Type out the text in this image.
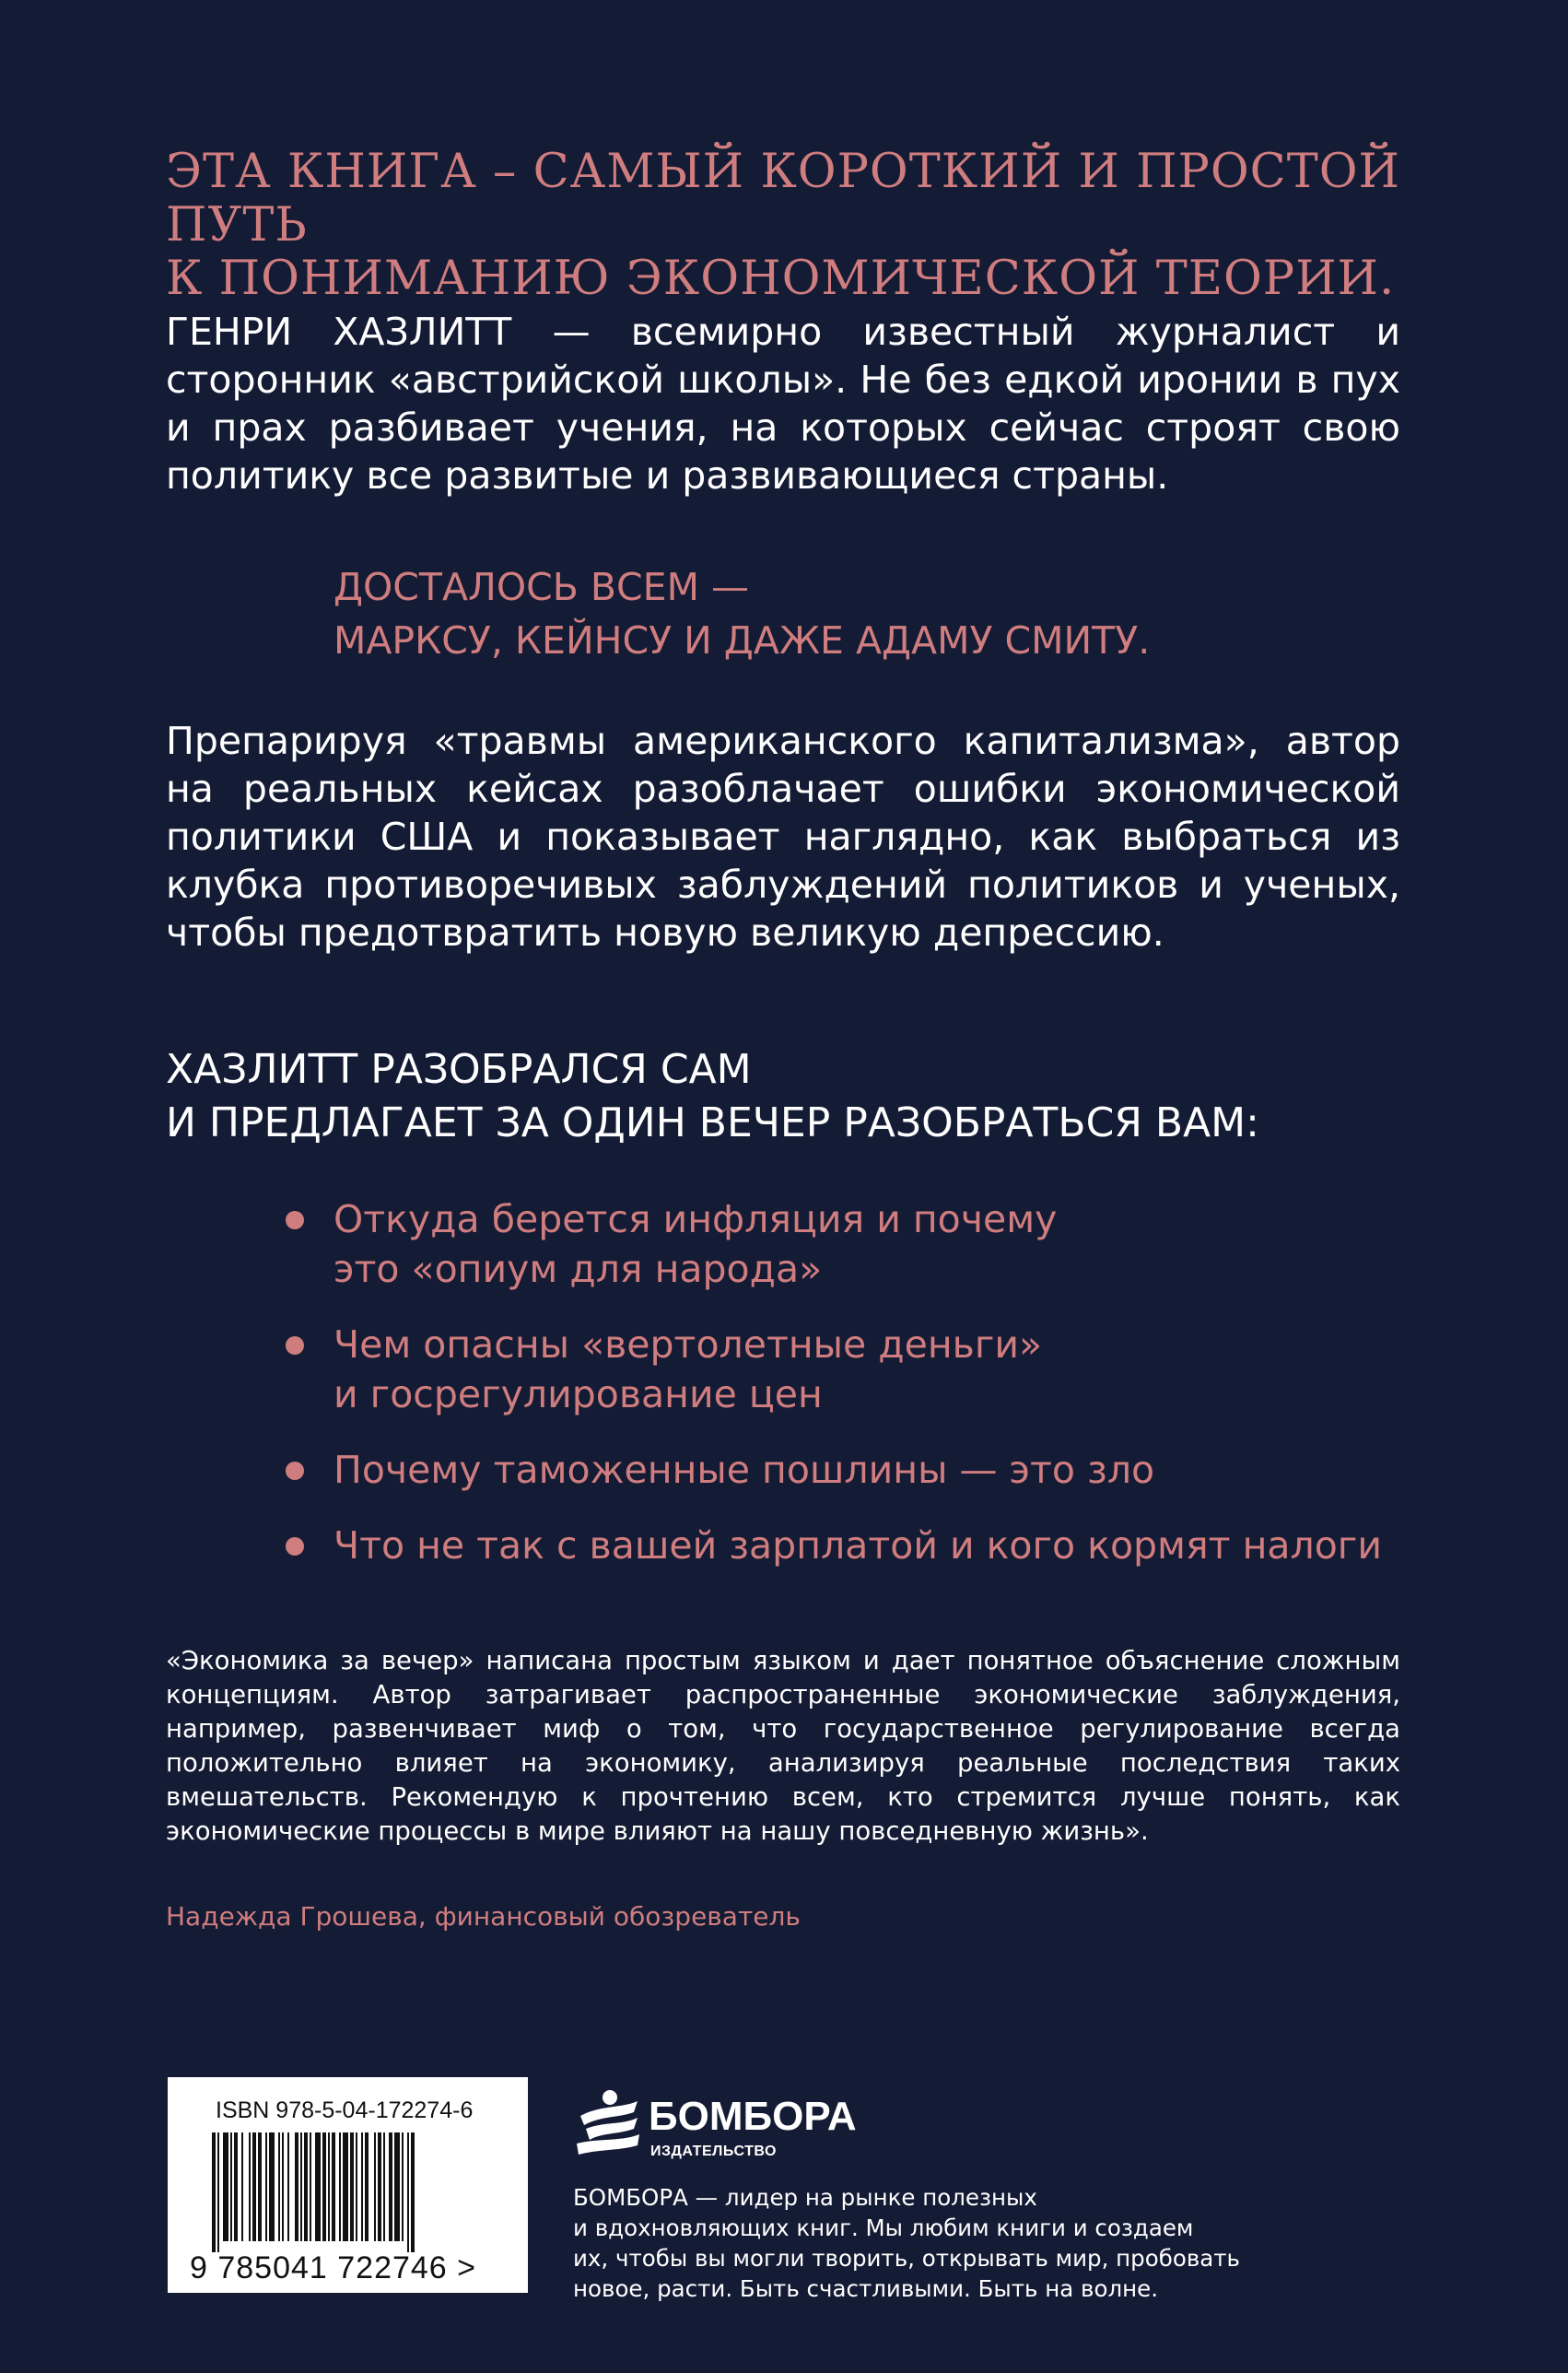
ЭТА КНИГА – САМЫЙ КОРОТКИЙ И ПРОСТОЙ ПУТЬ
К ПОНИМАНИЮ ЭКОНОМИЧЕСКОЙ ТЕОРИИ.
ГЕНРИ ХАЗЛИТТ — всемирно известный журналист и сторонник «австрийской школы». Не без едкой иронии в пух и прах разбивает учения, на которых сейчас строят свою политику все развитые и развивающиеся страны.
ДОСТАЛОСЬ ВСЕМ —
МАРКСУ, КЕЙНСУ И ДАЖЕ АДАМУ СМИТУ.
Препарируя «травмы американского капитализма», автор на реальных кейсах разоблачает ошибки экономической политики США и показывает наглядно, как выбраться из клубка противоречивых заблуждений политиков и ученых, чтобы предотвратить новую великую депрессию.
ХАЗЛИТТ РАЗОБРАЛСЯ САМ
И ПРЕДЛАГАЕТ ЗА ОДИН ВЕЧЕР РАЗОБРАТЬСЯ ВАМ:
Откуда берется инфляция и почему
это «опиум для народа»
Чем опасны «вертолетные деньги»
и госрегулирование цен
Почему таможенные пошлины — это зло
Что не так с вашей зарплатой и кого кормят налоги
«Экономика за вечер» написана простым языком и дает понятное объяснение сложным концепциям. Автор затрагивает распространенные экономические заблуждения, например, развенчивает миф о том, что государственное регулирование всегда положительно влияет на экономику, анализируя реальные последствия таких вмешательств. Рекомендую к прочтению всем, кто стремится лучше понять, как экономические процессы в мире влияют на нашу повседневную жизнь».
Надежда Грошева, финансовый обозреватель
ISBN 978-5-04-172274-6
9 785041 722746 >
БОМБОРА
ИЗДАТЕЛЬСТВО
БОМБОРА — лидер на рынке полезных
и вдохновляющих книг. Мы любим книги и создаем
их, чтобы вы могли творить, открывать мир, пробовать
новое, расти. Быть счастливыми. Быть на волне.
